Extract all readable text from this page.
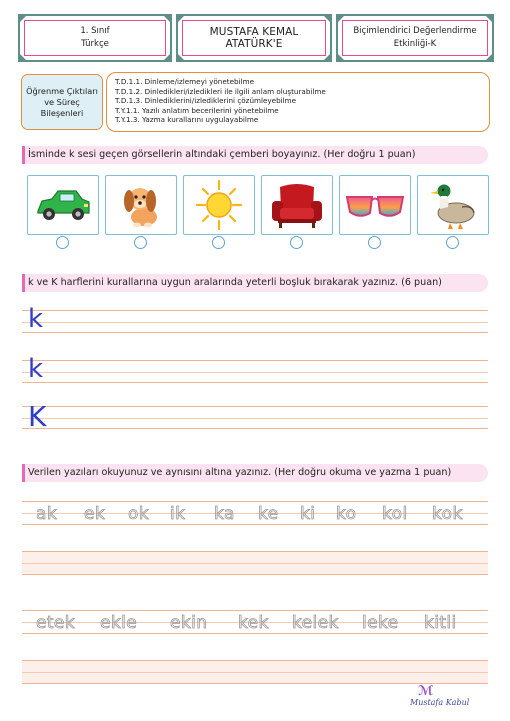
1. Sınıf
Türkçe
MUSTAFA KEMAL ATATÜRK'E
Biçimlendirici Değerlendirme
Etkinliği-K
Öğrenme Çıktıları ve Süreç Bileşenleri
T.D.1.1. Dinleme/izlemeyi yönetebilme
T.D.1.2. Dinledikleri/izledikleri ile ilgili anlam oluşturabilme
T.D.1.3. Dinlediklerini/izlediklerini çözümleyebilme
T.Y.1.1. Yazılı anlatım becerilerini yönetebilme
T.Y.1.3. Yazma kurallarını uygulayabilme
İsminde k sesi geçen görsellerin altındaki çemberi boyayınız. (Her doğru 1 puan)
k ve K harflerini kurallarına uygun aralarında yeterli boşluk bırakarak yazınız. (6 puan)
k
k
K
Verilen yazıları okuyunuz ve aynısını altına yazınız. (Her doğru okuma ve yazma 1 puan)
ak ek ok ik ka ke ki ko kol kok
etek ekle ekin kek kelek leke kitli
ℳ
Mustafa Kabul
